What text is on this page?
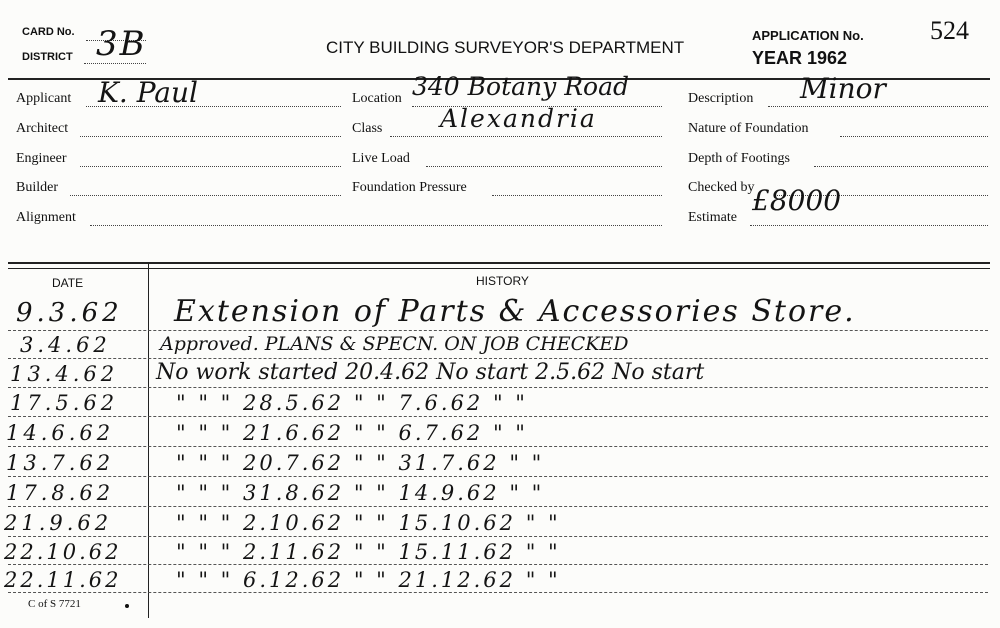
CARD No.
DISTRICT 3B	CITY BUILDING SURVEYOR'S DEPARTMENT
APPLICATION No.	524
YEAR 1962
Applicant K. Paul
Architect
Engineer
Builder
Alignment
Location 340 Botany Road
Class Alexandria
Live Load
Foundation Pressure
Description Minor
Nature of Foundation
Depth of Footings
Checked by
Estimate
£8000
DATE	HISTORY
9.3.62 Extension of Parts & Accessories Store.
3.4.62	Approved. PLANS & SPECN. ON JOB CHECKED
13.4.62 No work started 20.4.62 No start 2.5.62 No start
17.5.62	" " " 28.5.62 " " 7.6.62 " "
14.6.62	" " " 21.6.62 " " 6.7.62 " "
13.7.62	" " " 20.7.62 " " 31.7.62 " "
17.8.62	" " " 31.8.62 " " 14.9.62 " "
21.9.62	" " " 2.10.62 " " 15.10.62 " "
22.10.62	" " " 2.11.62 " " 15.11.62 " "
22.11.62	" " " 6.12.62 " " 21.12.62 " "
C of S 7721
